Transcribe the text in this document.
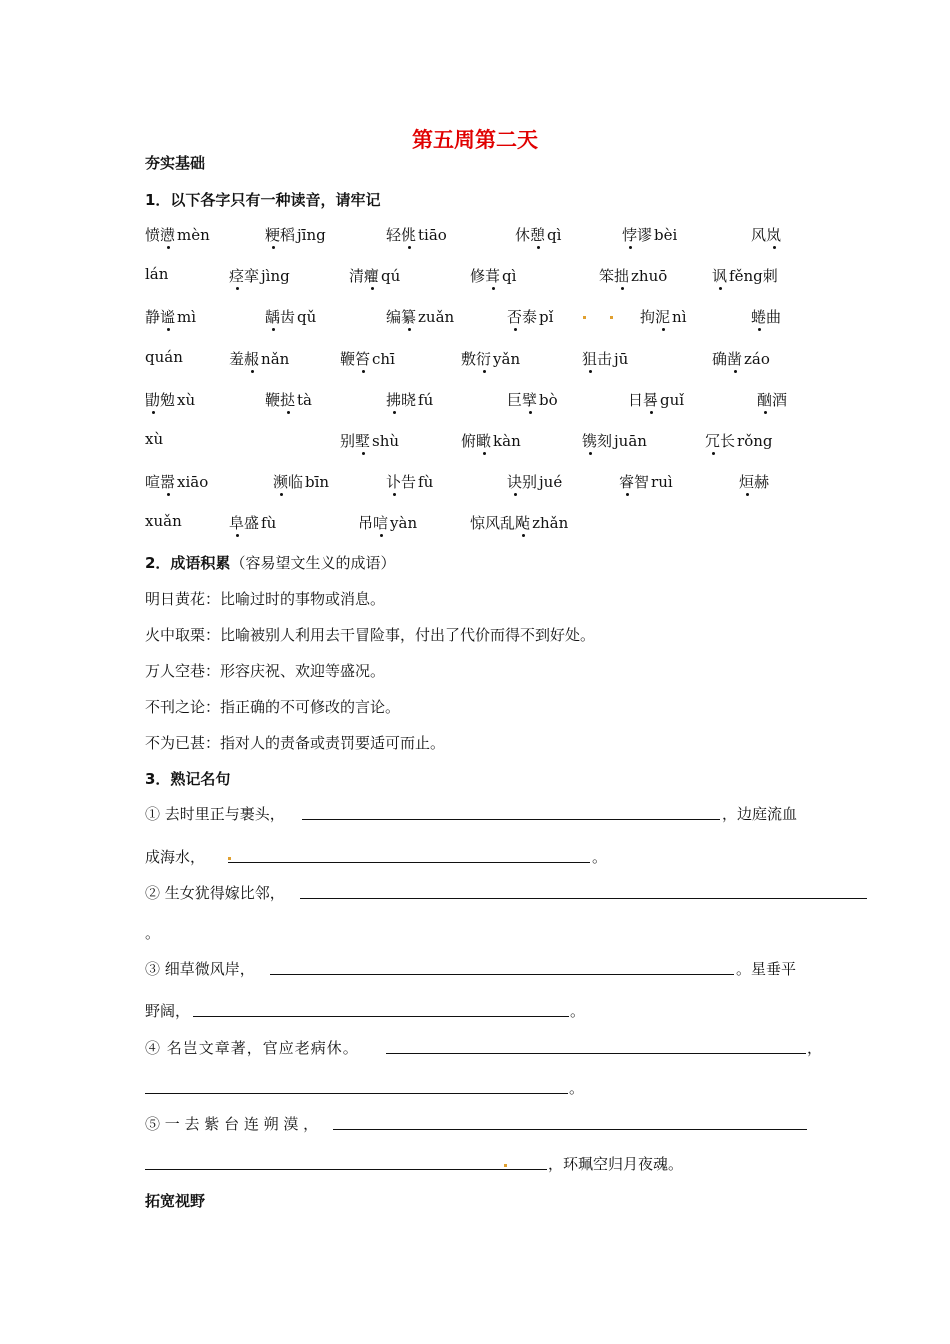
第五周第二天
夯实基础
1．以下各字只有一种读音，请牢记
愤懑 mèn	粳稻 jīng	轻佻 tiāo	休憩 qì	悖谬 bèi	风岚
lán	痉挛 jìng	清癯 qú	修葺 qì	笨拙 zhuō	讽 fěng刺
静谧 mì	龋齿 qǔ	编纂 zuǎn	否泰 pǐ	拘泥 nì	蜷曲
quán	羞赧 nǎn	鞭笞 chī	敷衍 yǎn	狙击 jū	确凿 záo
勖勉 xù	鞭挞 tà	拂晓 fú	巨擘 bò	日晷 guǐ	酗酒
xù	别墅 shù	俯瞰 kàn	镌刻 juān	冗长 rǒng
喧嚣 xiāo	濒临 bīn	讣告 fù	诀别 jué	睿智 ruì	烜赫
xuǎn	阜盛 fù	吊唁 yàn	惊风乱飐 zhǎn
2．成语积累（容易望文生义的成语）
明日黄花：比喻过时的事物或消息。
火中取栗：比喻被别人利用去干冒险事，付出了代价而得不到好处。
万人空巷：形容庆祝、欢迎等盛况。
不刊之论：指正确的不可修改的言论。
不为已甚：指对人的责备或责罚要适可而止。
3．熟记名句
① 去时里正与裹头，	，边庭流血
成海水，	。
② 生女犹得嫁比邻，
。
③ 细草微风岸，	。星垂平
野阔，	。
④ 名岂文章著，官应老病休。	，
。
⑤ 一 去 紫 台 连 朔 漠 ，
，环珮空归月夜魂。
拓宽视野
